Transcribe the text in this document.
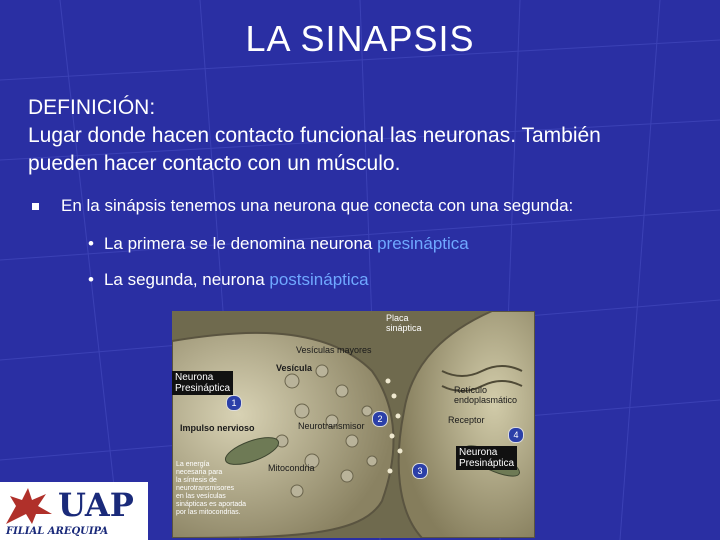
LA SINAPSIS
DEFINICIÓN:
Lugar donde hacen contacto funcional las neuronas. También
pueden hacer contacto con un músculo.
En la sinápsis tenemos una neurona que conecta con una segunda:
• La primera se le denomina neurona presináptica
• La segunda, neurona postsináptica
Placa
sináptica
Vesículas mayores
Vesícula
Neurona
Presináptica	Retículo
endoplasmático
Receptor
Impulso nervioso	Neurotransmisor
Mitocondria
Neurona
Presináptica
La energía
necesaria para
la síntesis de
neurotransmisores
en las vesículas
sinápticas es aportada
por las mitocondrias.
1
2
3
4
UAP
FILIAL AREQUIPA
